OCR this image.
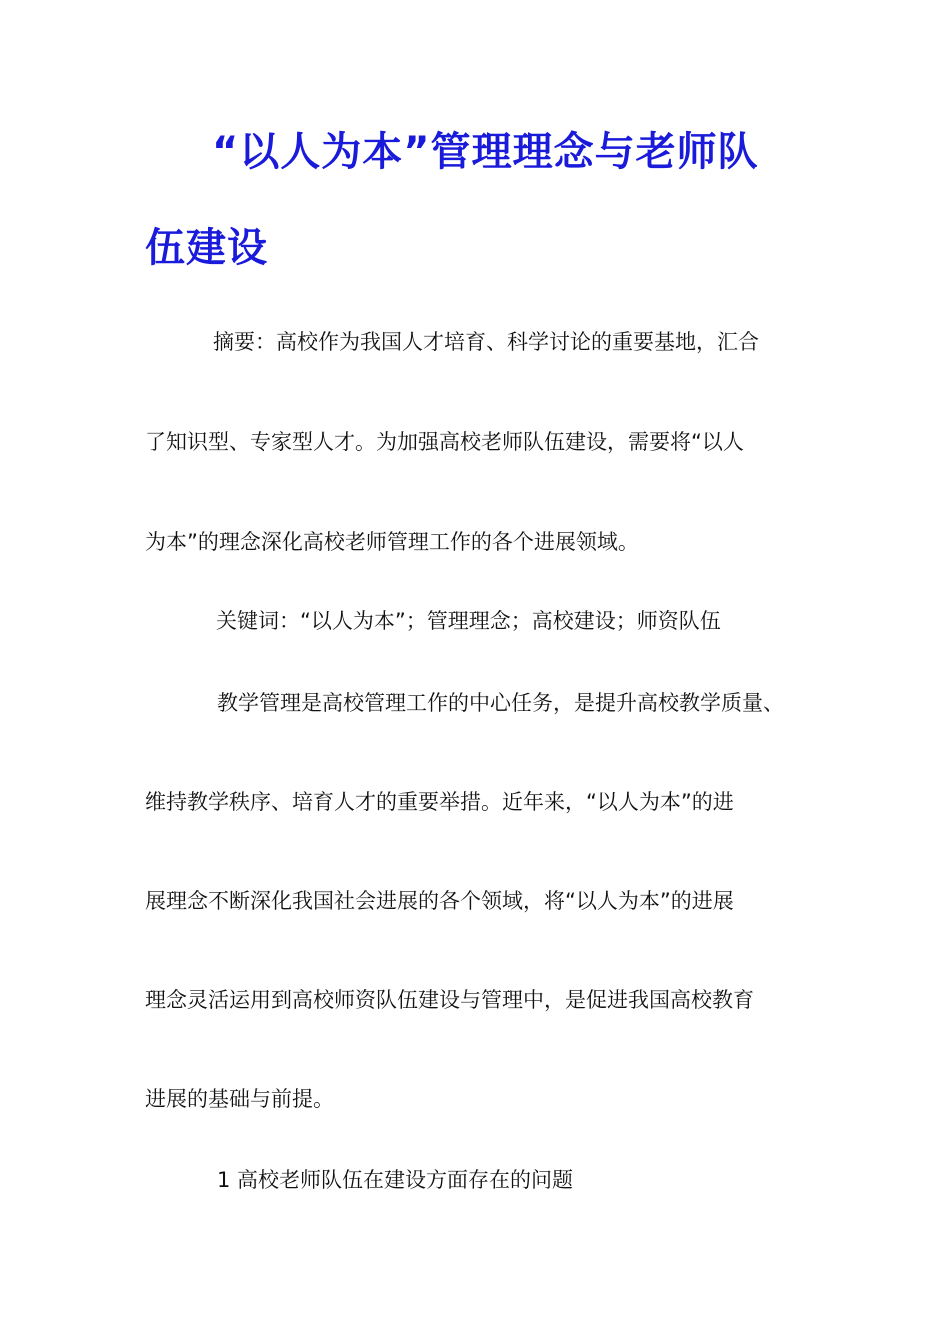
“以人为本”管理理念与老师队
伍建设
摘要：高校作为我国人才培育、科学讨论的重要基地，汇合
了知识型、专家型人才。为加强高校老师队伍建设，需要将“以人
为本”的理念深化高校老师管理工作的各个进展领域。
关键词：“以人为本”；管理理念；高校建设；师资队伍
教学管理是高校管理工作的中心任务，是提升高校教学质量、
维持教学秩序、培育人才的重要举措。近年来，“以人为本”的进
展理念不断深化我国社会进展的各个领域，将“以人为本”的进展
理念灵活运用到高校师资队伍建设与管理中，是促进我国高校教育
进展的基础与前提。
1 高校老师队伍在建设方面存在的问题
